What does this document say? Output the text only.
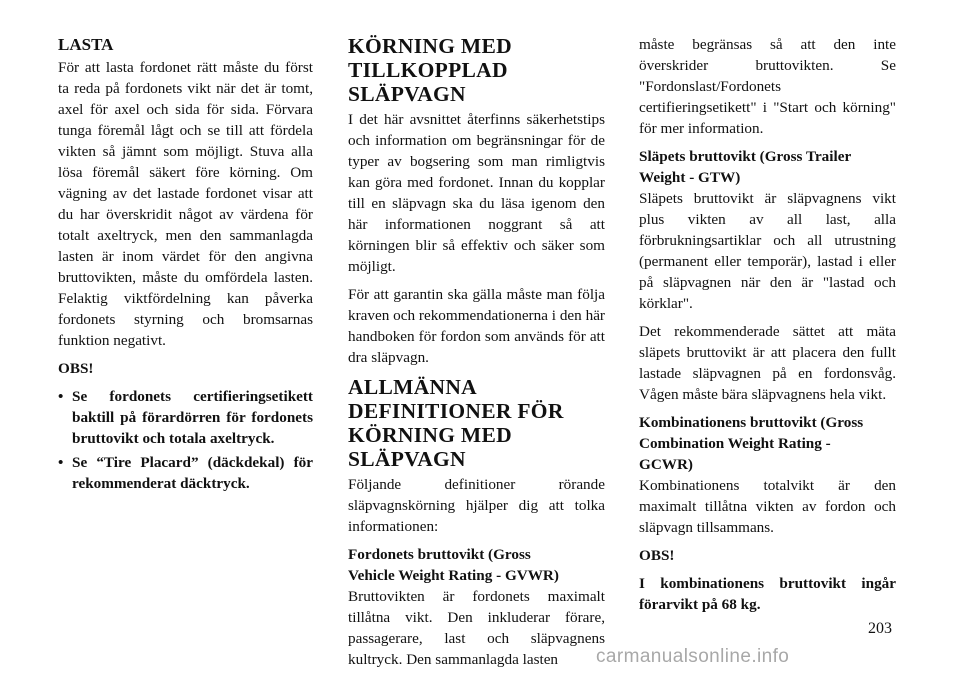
LASTA

För att lasta fordonet rätt måste du först ta reda på fordonets vikt när det är tomt, axel för axel och sida för sida. Förvara tunga föremål lågt och se till att fördela vikten så jämnt som möjligt. Stuva alla lösa föremål säkert före körning. Om vägning av det lastade fordonet visar att du har överskridit något av värdena för totalt axeltryck, men den sammanlagda lasten är inom värdet för den angivna bruttovikten, måste du omfördela lasten. Felaktig viktfördelning kan påverka fordonets styrning och bromsarnas funktion negativt.

OBS!

• Se fordonets certifieringsetikett baktill på förardörren för fordonets bruttovikt och totala axeltryck.
• Se “Tire Placard” (däckdekal) för rekommenderat däcktryck.
KÖRNING MED
TILLKOPPLAD
SLÄPVAGN

I det här avsnittet återfinns säkerhetstips och information om begränsningar för de typer av bogsering som man rimligtvis kan göra med fordonet. Innan du kopplar till en släpvagn ska du läsa igenom den här informationen noggrant så att körningen blir så effektiv och säker som möjligt.

För att garantin ska gälla måste man följa kraven och rekommendationerna i den här handboken för fordon som används för att dra släpvagn.

ALLMÄNNA
DEFINITIONER FÖR
KÖRNING MED SLÄPVAGN

Följande definitioner rörande släpvagnskörning hjälper dig att tolka informationen:

Fordonets bruttovikt (Gross
Vehicle Weight Rating - GVWR)

Bruttovikten är fordonets maximalt tillåtna vikt. Den inkluderar förare, passagerare, last och släpvagnens kultryck. Den sammanlagda lasten

måste begränsas så att den inte överskrider bruttovikten. Se "Fordonslast/Fordonets certifieringsetikett" i "Start och körning" för mer information.

Släpets bruttovikt (Gross Trailer
Weight - GTW)

Släpets bruttovikt är släpvagnens vikt plus vikten av all last, alla förbrukningsartiklar och all utrustning (permanent eller temporär), lastad i eller på släpvagnen när den är "lastad och körklar".

Det rekommenderade sättet att mäta släpets bruttovikt är att placera den fullt lastade släpvagnen på en fordonsvåg. Vågen måste bära släpvagnens hela vikt.

Kombinationens bruttovikt (Gross
Combination Weight Rating -
GCWR)

Kombinationens totalvikt är den maximalt tillåtna vikten av fordon och släpvagn tillsammans.

OBS!

I kombinationens bruttovikt ingår förarvikt på 68 kg.

203
carmanualsonline.info
